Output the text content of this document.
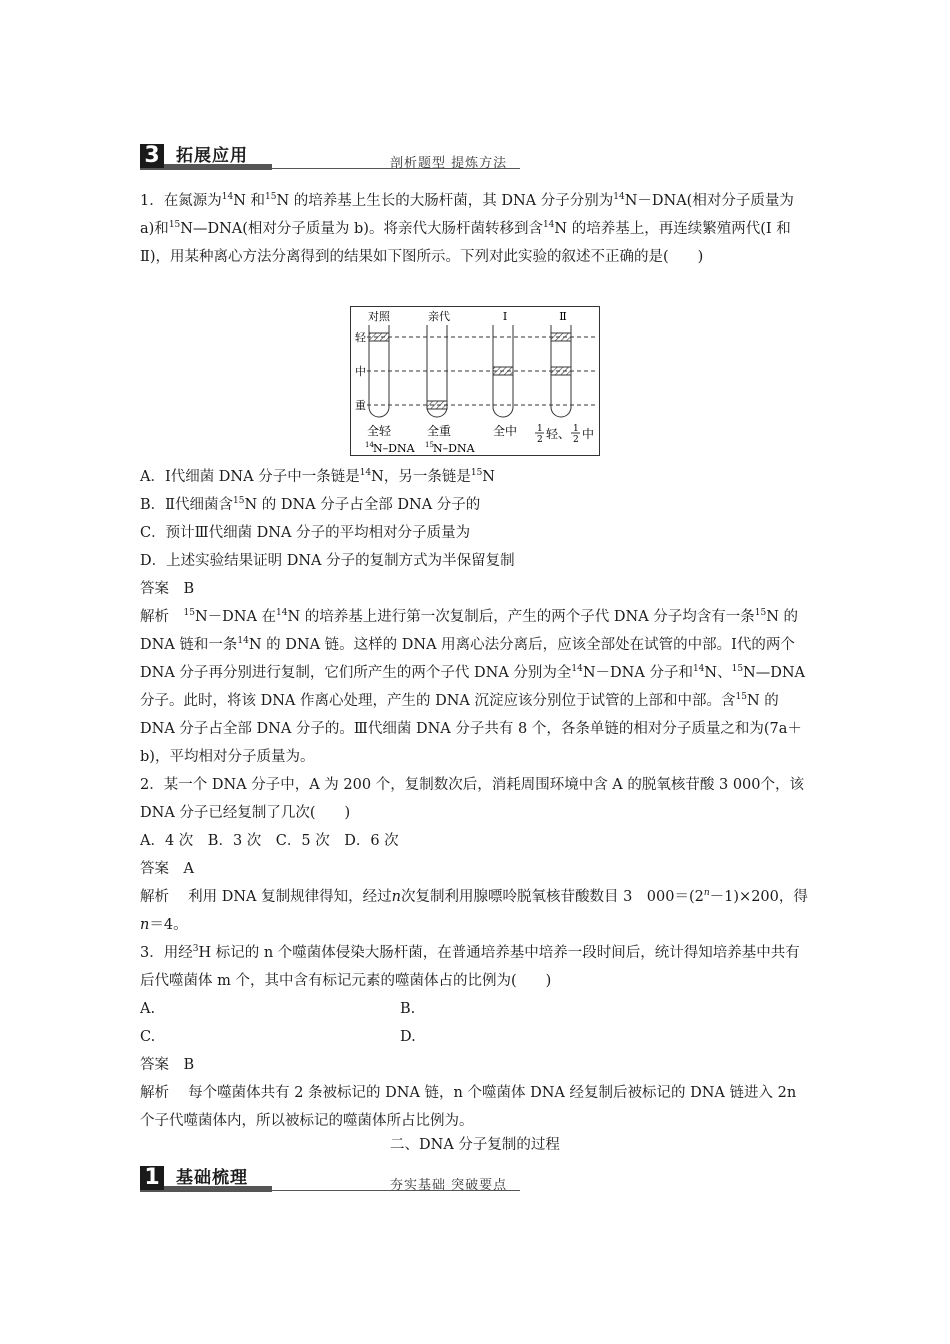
3 拓展应用	剖析题型 提炼方法

1．在氮源为$^{14}$N 和$^{15}$N 的培养基上生长的大肠杆菌，其 DNA 分子分别为$^{14}$N－DNA(相对分子质量为 a)和$^{15}$N—DNA(相对分子质量为 b)。将亲代大肠杆菌转移到含$^{14}$N 的培养基上，再连续繁殖两代(Ⅰ 和Ⅱ)，用某种离心方法分离得到的结果如下图所示。下列对此实验的叙述不正确的是(　　)

对照	亲代	Ⅰ	Ⅱ
轻
中
重
全轻	全重	全中 1
2 轻、 1
2 中
14 N–DNA 15 N–DNA
A．Ⅰ代细菌 DNA 分子中一条链是$^{14}$N，另一条链是$^{15}$N
B．Ⅱ代细菌含$^{15}$N 的 DNA 分子占全部 DNA 分子的
C．预计Ⅲ代细菌 DNA 分子的平均相对分子质量为
D．上述实验结果证明 DNA 分子的复制方式为半保留复制
答案　B

解析　$^{15}$N－DNA 在$^{14}$N 的培养基上进行第一次复制后，产生的两个子代 DNA 分子均含有一条$^{15}$N 的 DNA 链和一条$^{14}$N 的 DNA 链。这样的 DNA 用离心法分离后，应该全部处在试管的中部。Ⅰ代的两个 DNA 分子再分别进行复制，它们所产生的两个子代 DNA 分别为全$^{14}$N－DNA 分子和$^{14}$N、$^{15}$N—DNA 分子。此时，将该 DNA 作离心处理，产生的 DNA 沉淀应该分别位于试管的上部和中部。含$^{15}$N 的 DNA 分子占全部 DNA 分子的。Ⅲ代细菌 DNA 分子共有 8 个，各条单链的相对分子质量之和为(7a＋b)，平均相对分子质量为。

2．某一个 DNA 分子中，A 为 200 个，复制数次后，消耗周围环境中含 A 的脱氧核苷酸 3 000个，该 DNA 分子已经复制了几次(　　)
A．4 次　B．3 次　C．5 次　D．6 次
答案　A

解析　 利用 DNA 复制规律得知，经过n次复制利用腺嘌呤脱氧核苷酸数目 3　$000=(2^n-1)\times 200$，得n＝4。

3．用经$^3$H 标记的 n 个噬菌体侵染大肠杆菌，在普通培养基中培养一段时间后，统计得知培养基中共有后代噬菌体 m 个，其中含有标记元素的噬菌体占的比例为(　　)

A.	B.
C.	D.
答案　B
解析　 每个噬菌体共有 2 条被标记的 DNA 链，n 个噬菌体 DNA 经复制后被标记的 DNA 链进入 2n 个子代噬菌体内，所以被标记的噬菌体所占比例为。
二、DNA 分子复制的过程
1 基础梳理	夯实基础 突破要点
